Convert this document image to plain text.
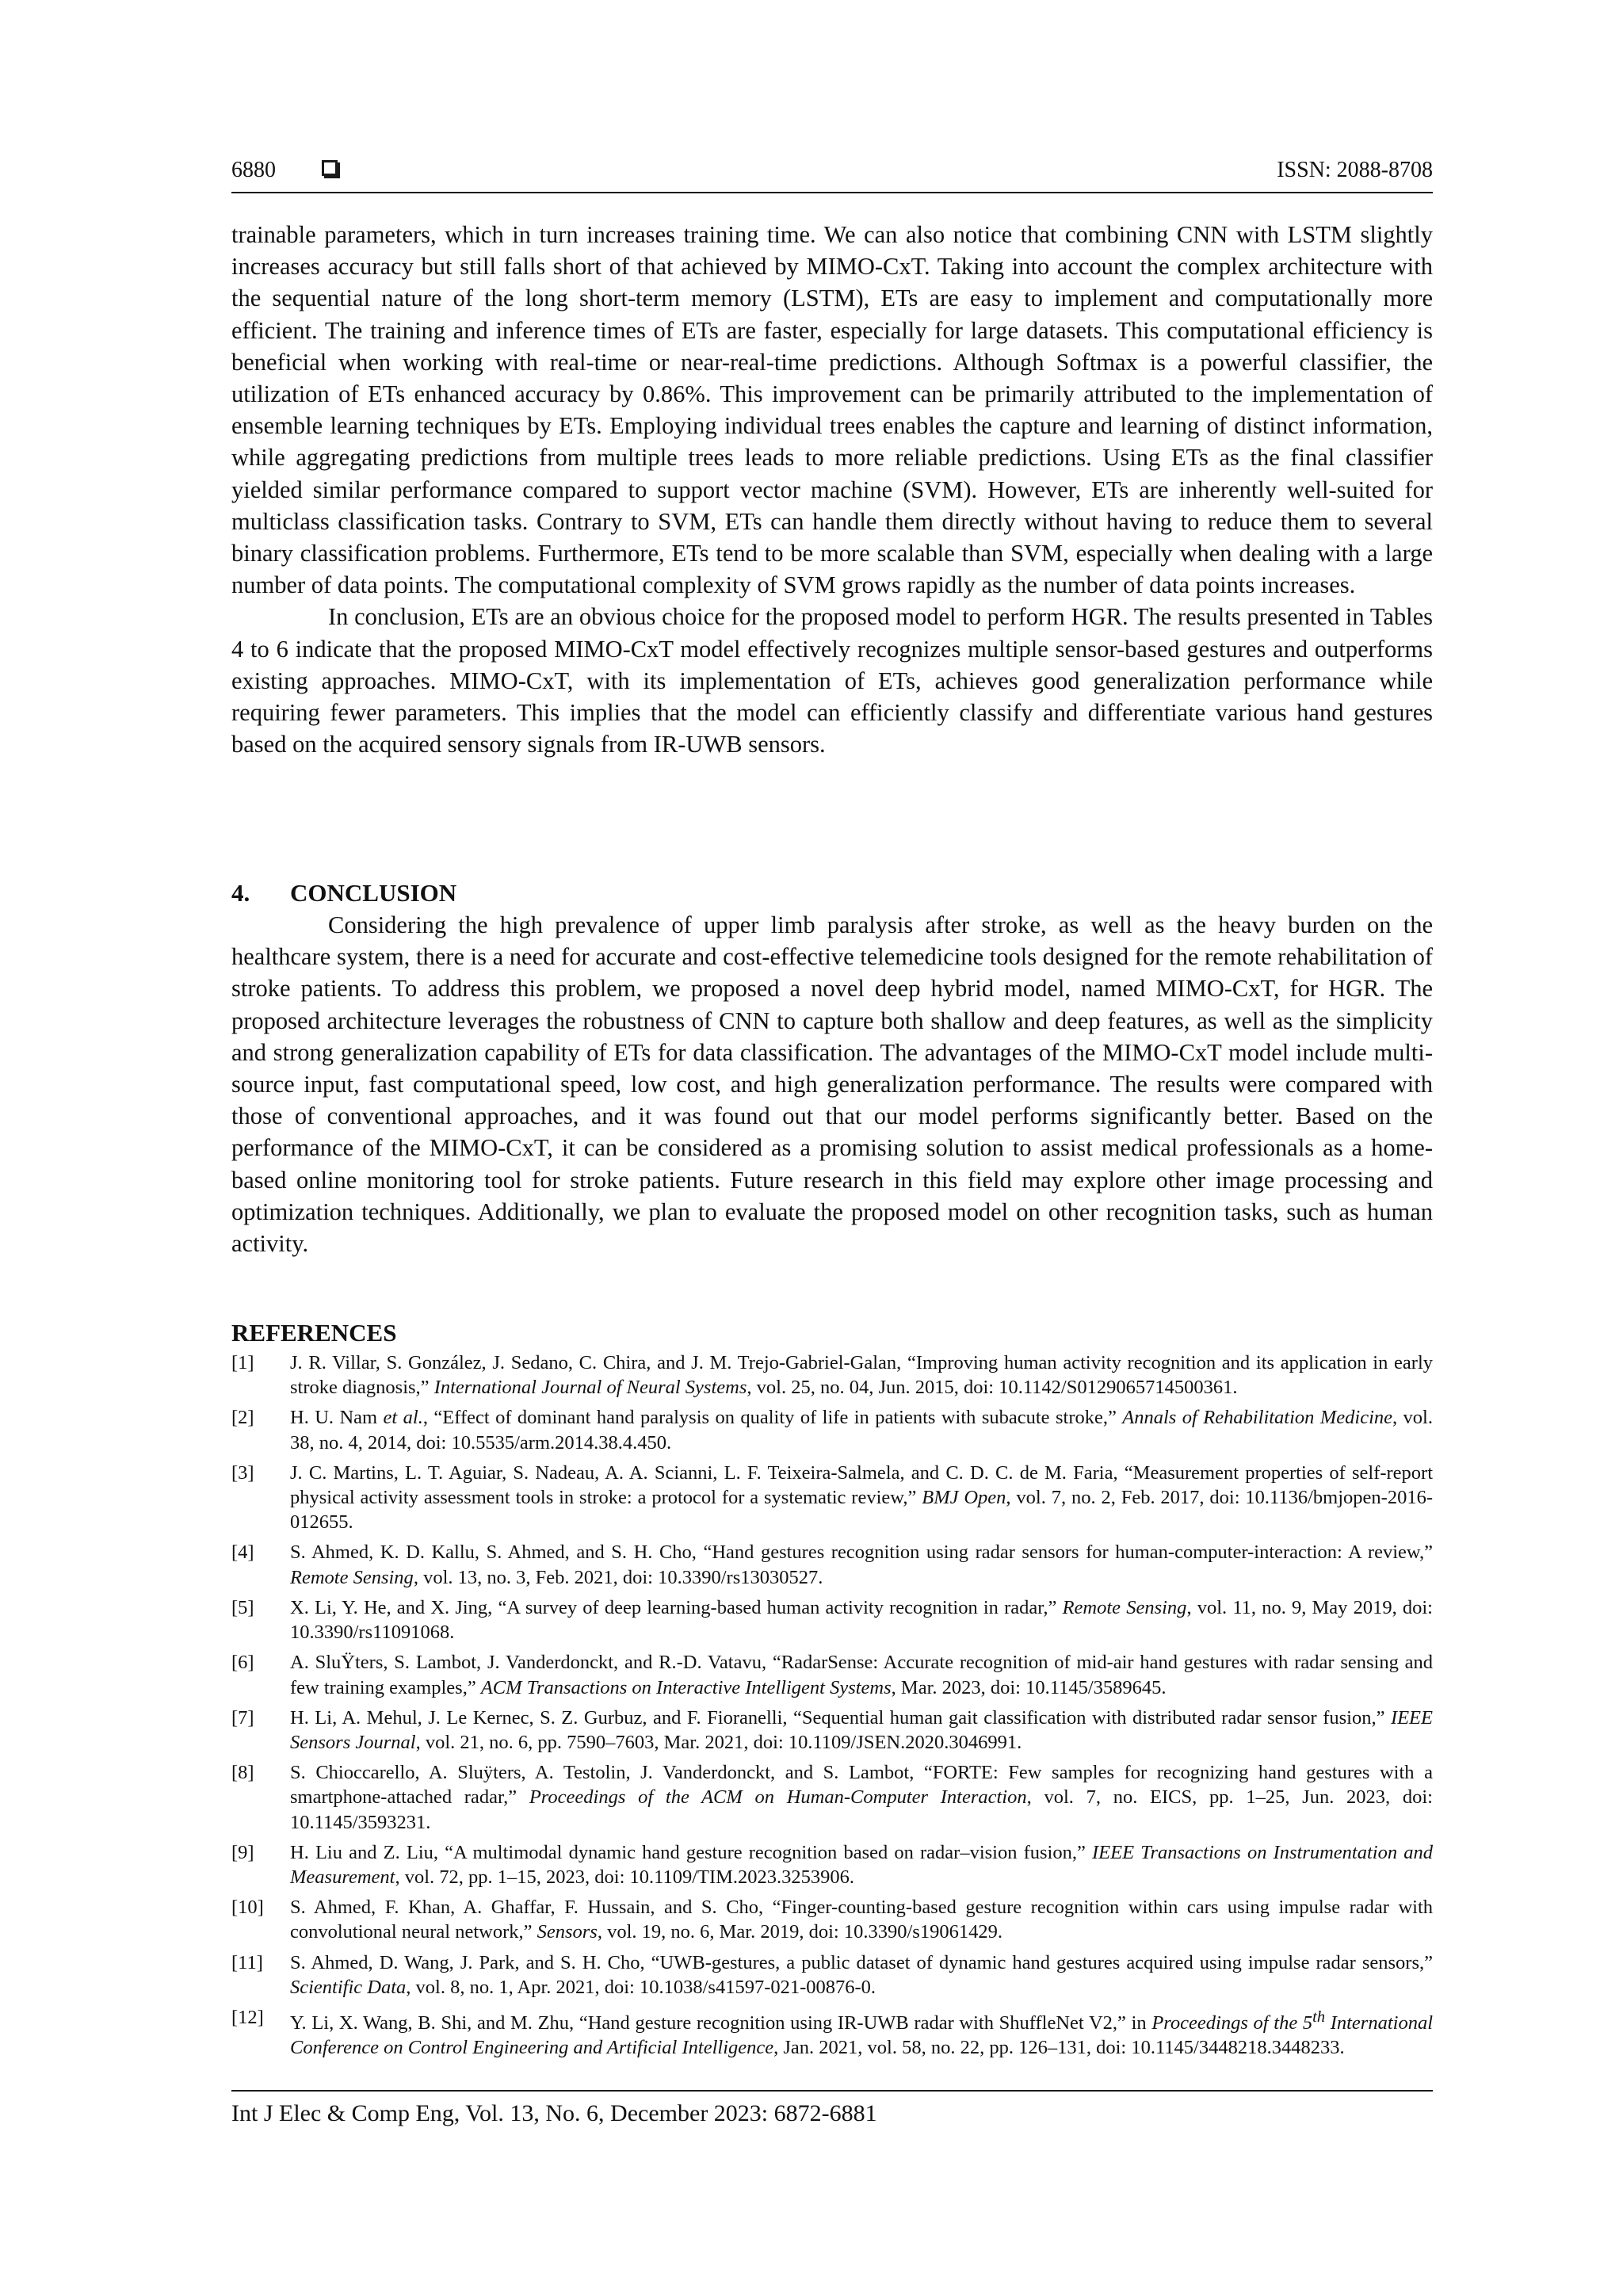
6880	ISSN: 2088-8708

trainable parameters, which in turn increases training time. We can also notice that combining CNN with LSTM slightly increases accuracy but still falls short of that achieved by MIMO-CxT. Taking into account the complex architecture with the sequential nature of the long short-term memory (LSTM), ETs are easy to implement and computationally more efficient. The training and inference times of ETs are faster, especially for large datasets. This computational efficiency is beneficial when working with real-time or near-real-time predictions. Although Softmax is a powerful classifier, the utilization of ETs enhanced accuracy by 0.86%. This improvement can be primarily attributed to the implementation of ensemble learning techniques by ETs. Employing individual trees enables the capture and learning of distinct information, while aggregating predictions from multiple trees leads to more reliable predictions. Using ETs as the final classifier yielded similar performance compared to support vector machine (SVM). However, ETs are inherently well-suited for multiclass classification tasks. Contrary to SVM, ETs can handle them directly without having to reduce them to several binary classification problems. Furthermore, ETs tend to be more scalable than SVM, especially when dealing with a large number of data points. The computational complexity of SVM grows rapidly as the number of data points increases.

In conclusion, ETs are an obvious choice for the proposed model to perform HGR. The results presented in Tables 4 to 6 indicate that the proposed MIMO-CxT model effectively recognizes multiple sensor-based gestures and outperforms existing approaches. MIMO-CxT, with its implementation of ETs, achieves good generalization performance while requiring fewer parameters. This implies that the model can efficiently classify and differentiate various hand gestures based on the acquired sensory signals from IR-UWB sensors.

4. CONCLUSION

Considering the high prevalence of upper limb paralysis after stroke, as well as the heavy burden on the healthcare system, there is a need for accurate and cost-effective telemedicine tools designed for the remote rehabilitation of stroke patients. To address this problem, we proposed a novel deep hybrid model, named MIMO-CxT, for HGR. The proposed architecture leverages the robustness of CNN to capture both shallow and deep features, as well as the simplicity and strong generalization capability of ETs for data classification. The advantages of the MIMO-CxT model include multi-source input, fast computational speed, low cost, and high generalization performance. The results were compared with those of conventional approaches, and it was found out that our model performs significantly better. Based on the performance of the MIMO-CxT, it can be considered as a promising solution to assist medical professionals as a home-based online monitoring tool for stroke patients. Future research in this field may explore other image processing and optimization techniques. Additionally, we plan to evaluate the proposed model on other recognition tasks, such as human activity.

REFERENCES
[1]	J. R. Villar, S. González, J. Sedano, C. Chira, and J. M. Trejo-Gabriel-Galan, “Improving human activity recognition and its application in early stroke diagnosis,” International Journal of Neural Systems, vol. 25, no. 04, Jun. 2015, doi: 10.1142/S0129065714500361.
[2]	H. U. Nam et al., “Effect of dominant hand paralysis on quality of life in patients with subacute stroke,” Annals of Rehabilitation Medicine, vol. 38, no. 4, 2014, doi: 10.5535/arm.2014.38.4.450.
[3]	J. C. Martins, L. T. Aguiar, S. Nadeau, A. A. Scianni, L. F. Teixeira-Salmela, and C. D. C. de M. Faria, “Measurement properties of self-report physical activity assessment tools in stroke: a protocol for a systematic review,” BMJ Open, vol. 7, no. 2, Feb. 2017, doi: 10.1136/bmjopen-2016-012655.
[4]	S. Ahmed, K. D. Kallu, S. Ahmed, and S. H. Cho, “Hand gestures recognition using radar sensors for human-computer-interaction: A review,” Remote Sensing, vol. 13, no. 3, Feb. 2021, doi: 10.3390/rs13030527.
[5]	X. Li, Y. He, and X. Jing, “A survey of deep learning-based human activity recognition in radar,” Remote Sensing, vol. 11, no. 9, May 2019, doi: 10.3390/rs11091068.
[6]	A. SluŸters, S. Lambot, J. Vanderdonckt, and R.-D. Vatavu, “RadarSense: Accurate recognition of mid-air hand gestures with radar sensing and few training examples,” ACM Transactions on Interactive Intelligent Systems, Mar. 2023, doi: 10.1145/3589645.
[7]	H. Li, A. Mehul, J. Le Kernec, S. Z. Gurbuz, and F. Fioranelli, “Sequential human gait classification with distributed radar sensor fusion,” IEEE Sensors Journal, vol. 21, no. 6, pp. 7590–7603, Mar. 2021, doi: 10.1109/JSEN.2020.3046991.
[8]	S. Chioccarello, A. Sluÿters, A. Testolin, J. Vanderdonckt, and S. Lambot, “FORTE: Few samples for recognizing hand gestures with a smartphone-attached radar,” Proceedings of the ACM on Human-Computer Interaction, vol. 7, no. EICS, pp. 1–25, Jun. 2023, doi: 10.1145/3593231.
[9]	H. Liu and Z. Liu, “A multimodal dynamic hand gesture recognition based on radar–vision fusion,” IEEE Transactions on Instrumentation and Measurement, vol. 72, pp. 1–15, 2023, doi: 10.1109/TIM.2023.3253906.
[10]	S. Ahmed, F. Khan, A. Ghaffar, F. Hussain, and S. Cho, “Finger-counting-based gesture recognition within cars using impulse radar with convolutional neural network,” Sensors, vol. 19, no. 6, Mar. 2019, doi: 10.3390/s19061429.
[11]	S. Ahmed, D. Wang, J. Park, and S. H. Cho, “UWB-gestures, a public dataset of dynamic hand gestures acquired using impulse radar sensors,” Scientific Data, vol. 8, no. 1, Apr. 2021, doi: 10.1038/s41597-021-00876-0.
[12]	Y. Li, X. Wang, B. Shi, and M. Zhu, “Hand gesture recognition using IR-UWB radar with ShuffleNet V2,” in Proceedings of the 5th International Conference on Control Engineering and Artificial Intelligence, Jan. 2021, vol. 58, no. 22, pp. 126–131, doi: 10.1145/3448218.3448233.
Int J Elec & Comp Eng, Vol. 13, No. 6, December 2023: 6872-6881
